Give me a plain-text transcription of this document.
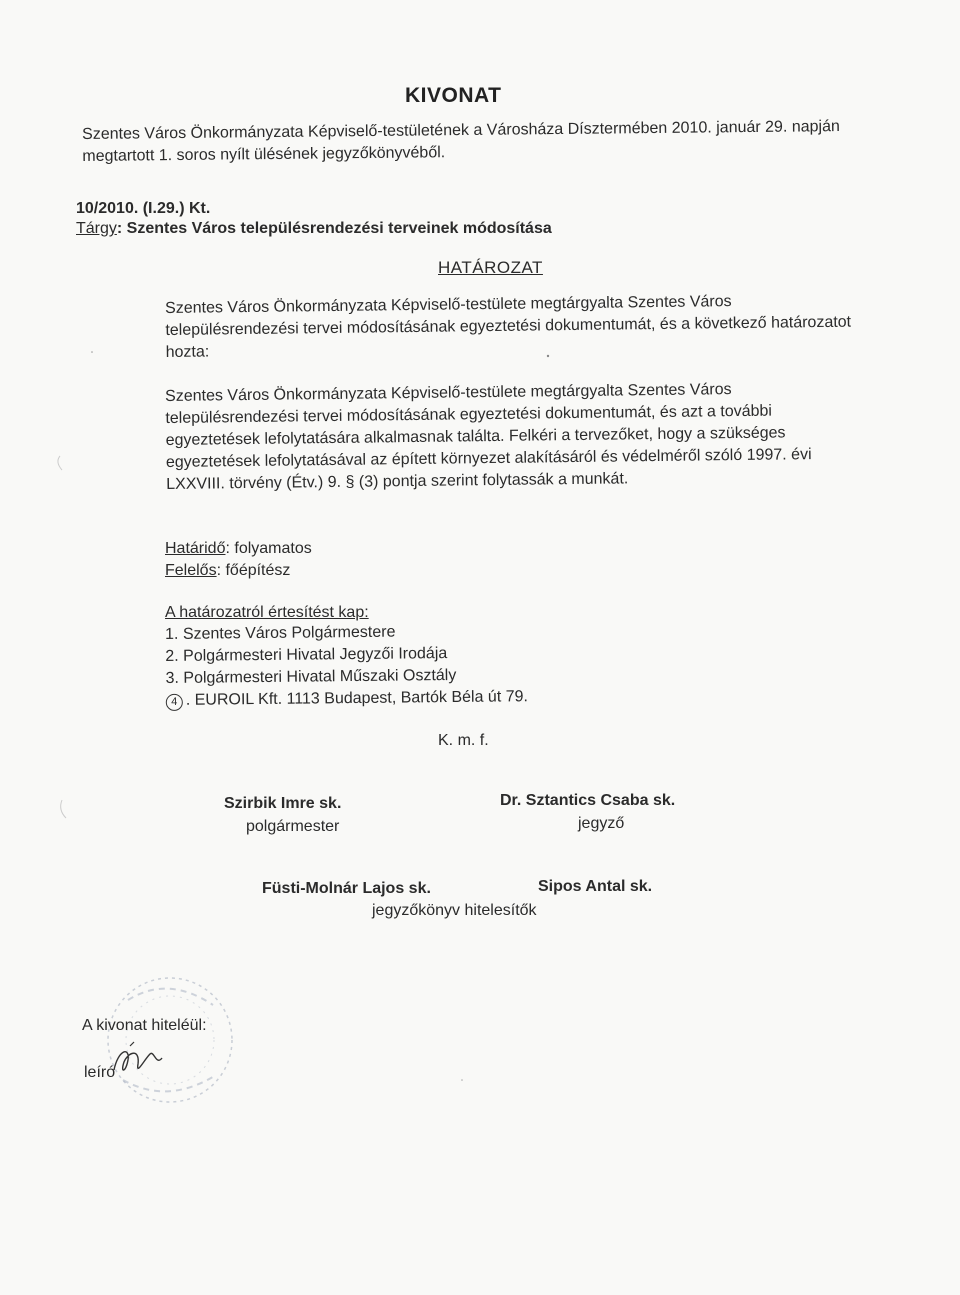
KIVONAT
Szentes Város Önkormányzata Képviselő-testületének a Városháza Dísztermében 2010. január 29. napján megtartott 1. soros nyílt ülésének jegyzőkönyvéből.
10/2010. (I.29.) Kt.
Tárgy: Szentes Város településrendezési terveinek módosítása
HATÁROZAT
Szentes Város Önkormányzata Képviselő-testülete megtárgyalta Szentes Város településrendezési tervei módosításának egyeztetési dokumentumát, és a következő határozatot hozta:
Szentes Város Önkormányzata Képviselő-testülete megtárgyalta Szentes Város településrendezési tervei módosításának egyeztetési dokumentumát, és azt a további egyeztetések lefolytatására alkalmasnak találta. Felkéri a tervezőket, hogy a szükséges egyeztetések lefolytatásával az épített környezet alakításáról és védelméről szóló 1997. évi LXXVIII. törvény (Étv.) 9. § (3) pontja szerint folytassák a munkát.
Határidő: folyamatos
Felelős: főépítész
A határozatról értesítést kap:
1. Szentes Város Polgármestere
2. Polgármesteri Hivatal Jegyzői Irodája
3. Polgármesteri Hivatal Műszaki Osztály
4 . EUROIL Kft. 1113 Budapest, Bartók Béla út 79.
K. m. f.
Szirbik Imre sk.
polgármester
Dr. Sztantics Csaba sk.
jegyző
Füsti-Molnár Lajos sk.	Sipos Antal sk.
jegyzőkönyv hitelesítők
A kivonat hiteléül:
leíró
